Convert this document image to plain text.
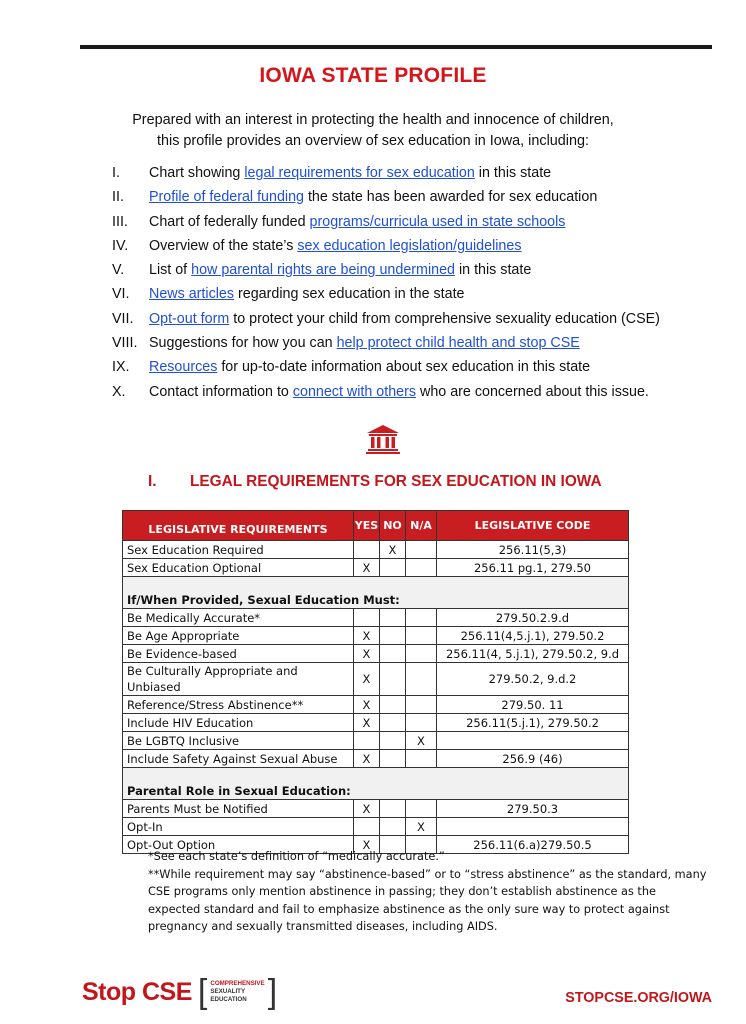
IOWA STATE PROFILE
Prepared with an interest in protecting the health and innocence of children,
this profile provides an overview of sex education in Iowa, including:
I. Chart showing legal requirements for sex education in this state
II. Profile of federal funding the state has been awarded for sex education
III. Chart of federally funded programs/curricula used in state schools
IV. Overview of the state’s sex education legislation/guidelines
V. List of how parental rights are being undermined in this state
VI. News articles regarding sex education in the state
VII. Opt-out form to protect your child from comprehensive sexuality education (CSE)
VIII. Suggestions for how you can help protect child health and stop CSE
IX. Resources for up-to-date information about sex education in this state
X. Contact information to connect with others who are concerned about this issue.
I. LEGAL REQUIREMENTS FOR SEX EDUCATION IN IOWA
LEGISLATIVE REQUIREMENTS	YES	NO	N/A	LEGISLATIVE CODE
Sex Education Required		X		256.11(5,3)
Sex Education Optional	X			256.11 pg.1, 279.50

If/When Provided, Sexual Education Must:				
Be Medically Accurate*				279.50.2.9.d
Be Age Appropriate	X			256.11(4,5.j.1), 279.50.2
Be Evidence-based	X			256.11(4, 5.j.1), 279.50.2, 9.d
Be Culturally Appropriate and Unbiased	X			279.50.2, 9.d.2
Reference/Stress Abstinence**	X			279.50. 11
Include HIV Education	X			256.11(5.j.1), 279.50.2
Be LGBTQ Inclusive			X	
Include Safety Against Sexual Abuse	X			256.9 (46)

Parental Role in Sexual Education:				
Parents Must be Notified	X			279.50.3
Opt-In			X	
Opt-Out Option	X			256.11(6.a)279.50.5

*See each state’s definition of “medically accurate.”

**While requirement may say “abstinence-based” or to “stress abstinence” as the standard, many CSE programs only mention abstinence in passing; they don’t establish abstinence as the expected standard and fail to emphasize abstinence as the only sure way to protect against pregnancy and sexually transmitted diseases, including AIDS.

Stop CSE [ COMPREHENSIVE
SEXUALITY
EDUCATION ]	STOPCSE.ORG/IOWA
